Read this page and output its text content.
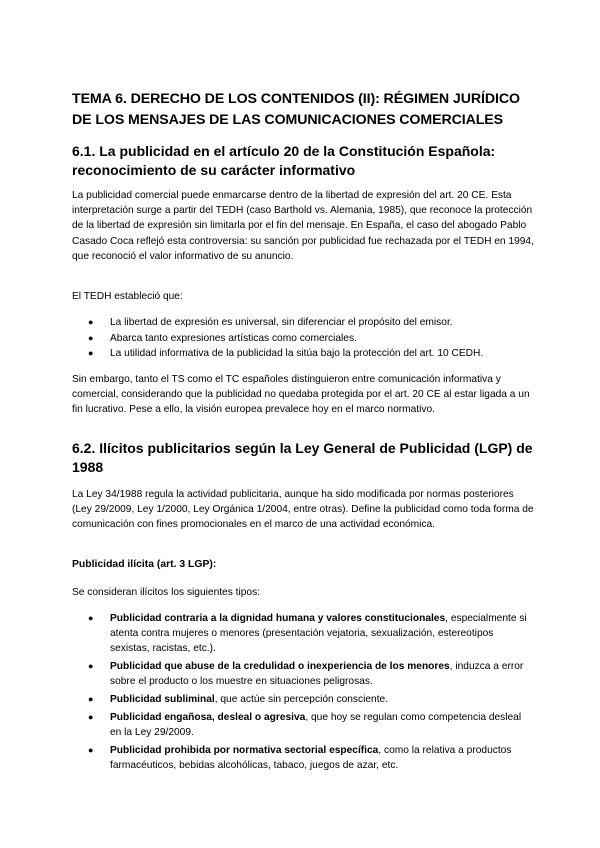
TEMA 6. DERECHO DE LOS CONTENIDOS (II): RÉGIMEN JURÍDICO DE LOS MENSAJES DE LAS COMUNICACIONES COMERCIALES
6.1. La publicidad en el artículo 20 de la Constitución Española: reconocimiento de su carácter informativo

La publicidad comercial puede enmarcarse dentro de la libertad de expresión del art. 20 CE. Esta interpretación surge a partir del TEDH (caso Barthold vs. Alemania, 1985), que reconoce la protección de la libertad de expresión sin limitarla por el fin del mensaje. En España, el caso del abogado Pablo Casado Coca reflejó esta controversia: su sanción por publicidad fue rechazada por el TEDH en 1994, que reconoció el valor informativo de su anuncio.

El TEDH estableció que:

● La libertad de expresión es universal, sin diferenciar el propósito del emisor.
● Abarca tanto expresiones artísticas como comerciales.
● La utilidad informativa de la publicidad la sitúa bajo la protección del art. 10 CEDH.

Sin embargo, tanto el TS como el TC españoles distinguieron entre comunicación informativa y comercial, considerando que la publicidad no quedaba protegida por el art. 20 CE al estar ligada a un fin lucrativo. Pese a ello, la visión europea prevalece hoy en el marco normativo.

6.2. Ilícitos publicitarios según la Ley General de Publicidad (LGP) de 1988

La Ley 34/1988 regula la actividad publicitaria, aunque ha sido modificada por normas posteriores (Ley 29/2009, Ley 1/2000, Ley Orgánica 1/2004, entre otras). Define la publicidad como toda forma de comunicación con fines promocionales en el marco de una actividad económica.

Publicidad ilícita (art. 3 LGP):

Se consideran ilícitos los siguientes tipos:

● Publicidad contraria a la dignidad humana y valores constitucionales, especialmente si atenta contra mujeres o menores (presentación vejatoria, sexualización, estereotipos sexistas, racistas, etc.).
● Publicidad que abuse de la credulidad o inexperiencia de los menores, induzca a error sobre el producto o los muestre en situaciones peligrosas.
● Publicidad subliminal, que actúe sin percepción consciente.
● Publicidad engañosa, desleal o agresiva, que hoy se regulan como competencia desleal en la Ley 29/2009.
● Publicidad prohibida por normativa sectorial específica, como la relativa a productos farmacéuticos, bebidas alcohólicas, tabaco, juegos de azar, etc.
